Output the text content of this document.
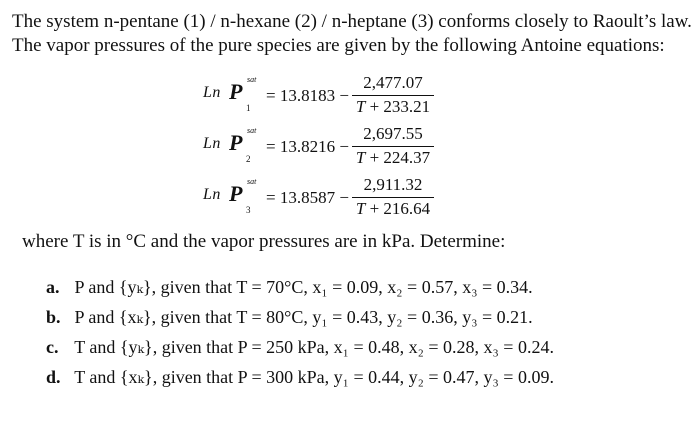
The system n-pentane (1) / n-hexane (2) / n-heptane (3) conforms closely to Raoult’s law.
The vapor pressures of the pure species are given by the following Antoine equations:

Ln P sat
1
= 13.8183 −
2,477.07
T + 233.21
Ln P sat
2
= 13.8216 −
2,697.55
T + 224.37
Ln P sat
3
= 13.8587 −
2,911.32
T + 216.64

where T is in °C and the vapor pressures are in kPa. Determine:

a. P and {yₖ}, given that T = 70°C, x₁ = 0.09, x₂ = 0.57, x₃ = 0.34.
b. P and {xₖ}, given that T = 80°C, y₁ = 0.43, y₂ = 0.36, y₃ = 0.21.
c. T and {yₖ}, given that P = 250 kPa, x₁ = 0.48, x₂ = 0.28, x₃ = 0.24.
d. T and {xₖ}, given that P = 300 kPa, y₁ = 0.44, y₂ = 0.47, y₃ = 0.09.
